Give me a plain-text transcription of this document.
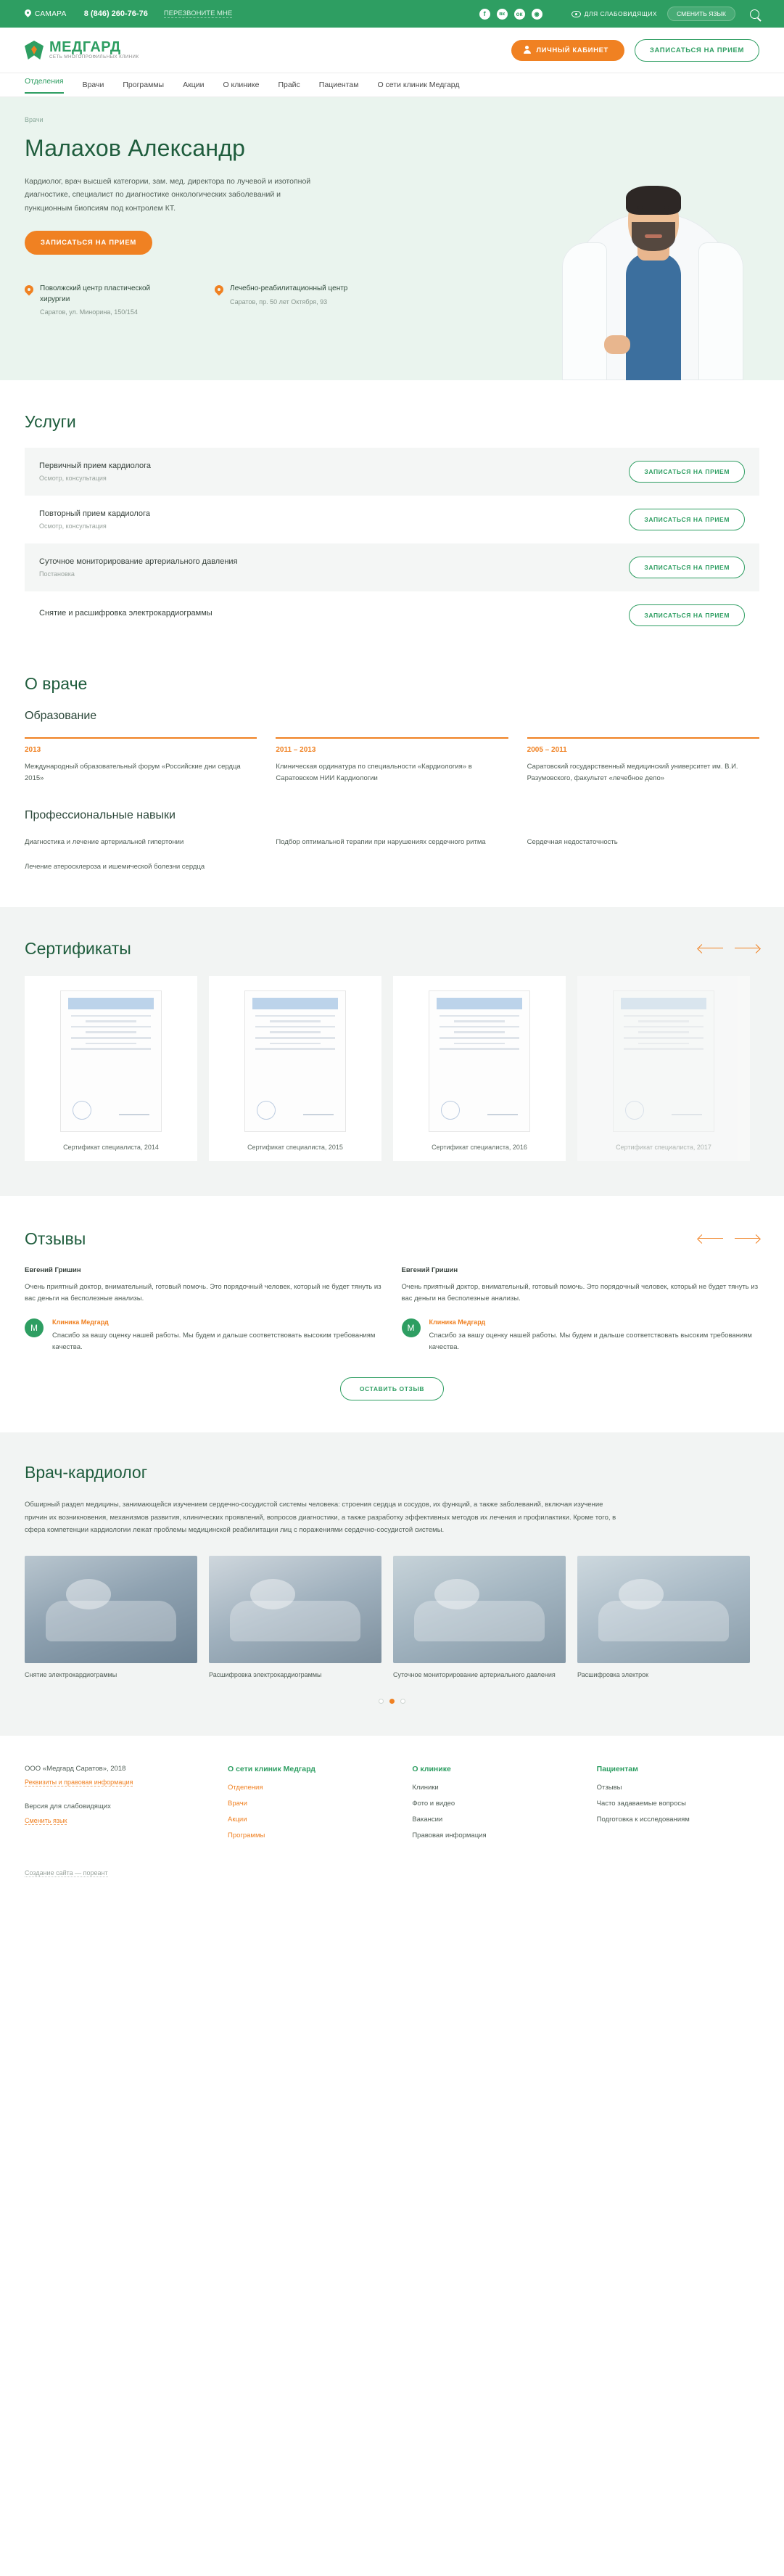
САМАРА 8 (846) 260-76-76 ПЕРЕЗВОНИТЕ МНЕ	f	вк	ок	◉	ДЛЯ СЛАБОВИДЯЩИХ	СМЕНИТЬ ЯЗЫК
МЕДГАРД
СЕТЬ МНОГОПРОФИЛЬНЫХ КЛИНИК
ЛИЧНЫЙ КАБИНЕТ	ЗАПИСАТЬСЯ НА ПРИЕМ
Отделения Врачи Программы Акции О клинике Прайс Пациентам О сети клиник Медгард
Врачи
Малахов Александр
Кардиолог, врач высшей категории, зам. мед. директора по лучевой и изотопной диагностике, специалист по диагностике онкологических заболеваний и пункционным биопсиям под контролем КТ.
ЗАПИСАТЬСЯ НА ПРИЕМ
Поволжский центр пластической хирургии
Саратов, ул. Минорина, 150/154
Лечебно-реабилитационный центр
Саратов, пр. 50 лет Октября, 93
Услуги
Первичный прием кардиолога
Осмотр, консультация
ЗАПИСАТЬСЯ НА ПРИЕМ
Повторный прием кардиолога
Осмотр, консультация
ЗАПИСАТЬСЯ НА ПРИЕМ
Суточное мониторирование артериального давления
Постановка
ЗАПИСАТЬСЯ НА ПРИЕМ
Снятие и расшифровка электрокардиограммы	ЗАПИСАТЬСЯ НА ПРИЕМ
О враче
Образование
2013
Международный образовательный форум «Российские дни сердца 2015»
2011 – 2013
Клиническая ординатура по специальности «Кардиология» в Саратовском НИИ Кардиологии
2005 – 2011
Саратовский государственный медицинский университет им. В.И. Разумовского, факультет «лечебное дело»
Профессиональные навыки
Диагностика и лечение артериальной гипертонии	Подбор оптимальной терапии при нарушениях сердечного ритма	Сердечная недостаточность
Лечение атеросклероза и ишемической болезни сердца
Сертификаты
Сертификат специалиста, 2014	Сертификат специалиста, 2015	Сертификат специалиста, 2016	Сертификат специалиста, 2017
Отзывы
Евгений Гришин
Очень приятный доктор, внимательный, готовый помочь. Это порядочный человек, который не будет тянуть из вас деньги на бесполезные анализы.
М
Клиника Медгард
Спасибо за вашу оценку нашей работы. Мы будем и дальше соответствовать высоким требованиям качества.
Евгений Гришин
Очень приятный доктор, внимательный, готовый помочь. Это порядочный человек, который не будет тянуть из вас деньги на бесполезные анализы.
М
Клиника Медгард
Спасибо за вашу оценку нашей работы. Мы будем и дальше соответствовать высоким требованиям качества.
ОСТАВИТЬ ОТЗЫВ
Врач-кардиолог
Обширный раздел медицины, занимающейся изучением сердечно-сосудистой системы человека: строения сердца и сосудов, их функций, а также заболеваний, включая изучение причин их возникновения, механизмов развития, клинических проявлений, вопросов диагностики, а также разработку эффективных методов их лечения и профилактики. Кроме того, в сфера компетенции кардиологии лежат проблемы медицинской реабилитации лиц с поражениями сердечно-сосудистой системы.
Снятие электрокардиограммы	Расшифровка электрокардиограммы	Суточное мониторирование артериального давления	Расшифровка электрок
ООО «Медгард Саратов», 2018
Реквизиты и правовая информация
Версия для слабовидящих
Сменить язык
О сети клиник Медгард
Отделения
Врачи
Акции
Программы
О клинике
Клиники
Фото и видео
Вакансии
Правовая информация
Пациентам
Отзывы
Часто задаваемые вопросы
Подготовка к исследованиям
Создание сайта — пореант
